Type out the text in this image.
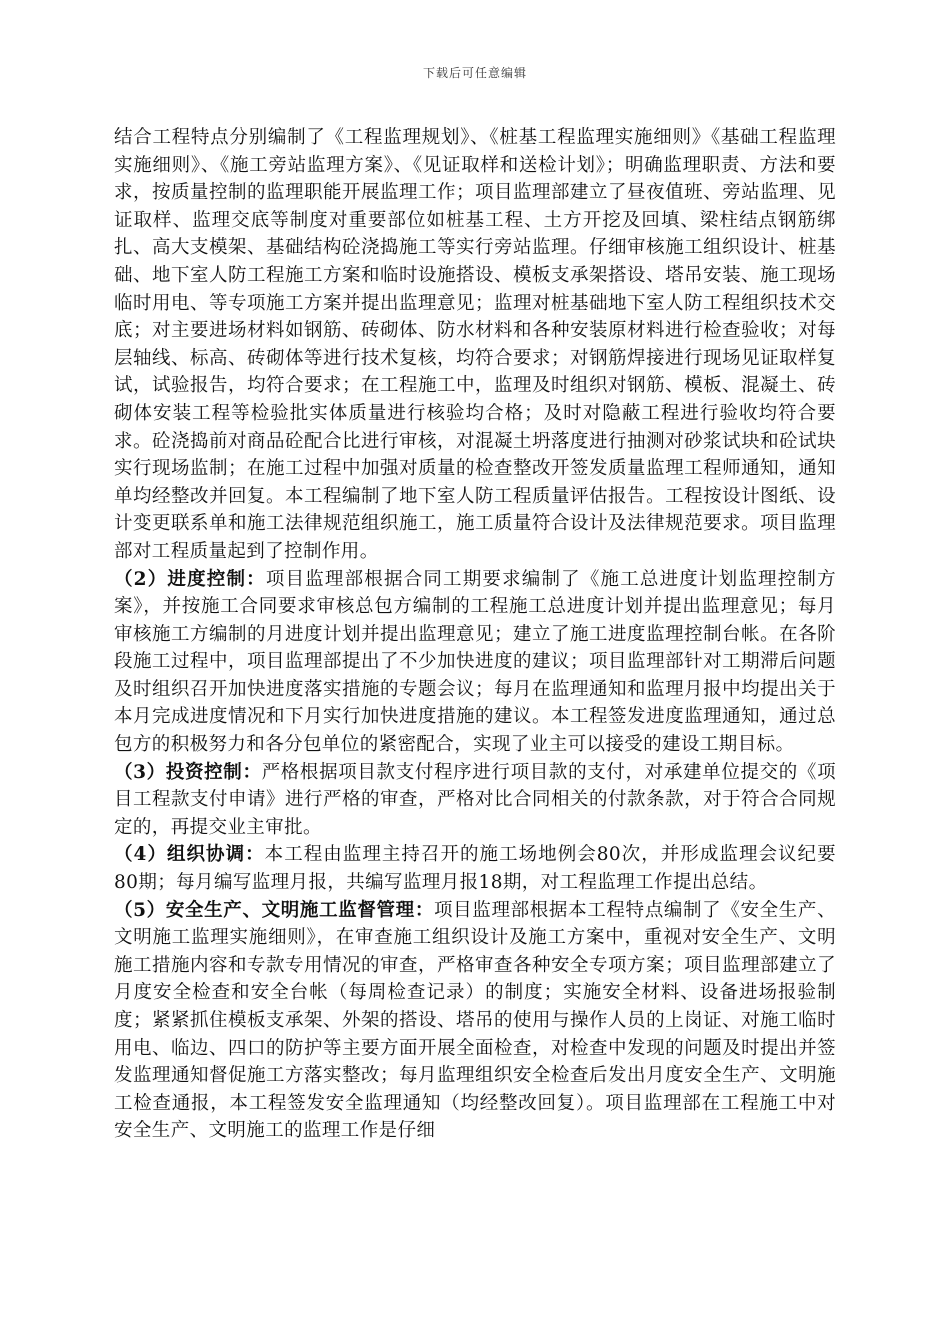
下载后可任意编辑

结合工程特点分别编制了《工程监理规划》、《桩基工程监理实施细则》《基础工程监理实施细则》、《施工旁站监理方案》、《见证取样和送检计划》；明确监理职责、方法和要求，按质量控制的监理职能开展监理工作；项目监理部建立了昼夜值班、旁站监理、见证取样、监理交底等制度对重要部位如桩基工程、土方开挖及回填、梁柱结点钢筋绑扎、高大支模架、基础结构砼浇捣施工等实行旁站监理。仔细审核施工组织设计、桩基础、地下室人防工程施工方案和临时设施搭设、模板支承架搭设、塔吊安装、施工现场临时用电、等专项施工方案并提出监理意见；监理对桩基础地下室人防工程组织技术交底；对主要进场材料如钢筋、砖砌体、防水材料和各种安装原材料进行检查验收；对每层轴线、标高、砖砌体等进行技术复核，均符合要求；对钢筋焊接进行现场见证取样复试，试验报告，均符合要求；在工程施工中，监理及时组织对钢筋、模板、混凝土、砖砌体安装工程等检验批实体质量进行核验均合格；及时对隐蔽工程进行验收均符合要求。砼浇捣前对商品砼配合比进行审核，对混凝土坍落度进行抽测对砂浆试块和砼试块实行现场监制；在施工过程中加强对质量的检查整改开签发质量监理工程师通知，通知单均经整改并回复。本工程编制了地下室人防工程质量评估报告。工程按设计图纸、设计变更联系单和施工法律规范组织施工，施工质量符合设计及法律规范要求。项目监理部对工程质量起到了控制作用。

（2）进度控制：项目监理部根据合同工期要求编制了《施工总进度计划监理控制方案》，并按施工合同要求审核总包方编制的工程施工总进度计划并提出监理意见；每月审核施工方编制的月进度计划并提出监理意见；建立了施工进度监理控制台帐。在各阶段施工过程中，项目监理部提出了不少加快进度的建议；项目监理部针对工期滞后问题及时组织召开加快进度落实措施的专题会议；每月在监理通知和监理月报中均提出关于本月完成进度情况和下月实行加快进度措施的建议。本工程签发进度监理通知，通过总包方的积极努力和各分包单位的紧密配合，实现了业主可以接受的建设工期目标。

（3）投资控制：严格根据项目款支付程序进行项目款的支付，对承建单位提交的《项目工程款支付申请》进行严格的审查，严格对比合同相关的付款条款，对于符合合同规定的，再提交业主审批。

（4）组织协调：本工程由监理主持召开的施工场地例会80次，并形成监理会议纪要80期；每月编写监理月报，共编写监理月报18期，对工程监理工作提出总结。

（5）安全生产、文明施工监督管理：项目监理部根据本工程特点编制了《安全生产、文明施工监理实施细则》，在审查施工组织设计及施工方案中，重视对安全生产、文明施工措施内容和专款专用情况的审查，严格审查各种安全专项方案；项目监理部建立了月度安全检查和安全台帐（每周检查记录）的制度；实施安全材料、设备进场报验制度；紧紧抓住模板支承架、外架的搭设、塔吊的使用与操作人员的上岗证、对施工临时用电、临边、四口的防护等主要方面开展全面检查，对检查中发现的问题及时提出并签发监理通知督促施工方落实整改；每月监理组织安全检查后发出月度安全生产、文明施工检查通报，本工程签发安全监理通知（均经整改回复）。项目监理部在工程施工中对安全生产、文明施工的监理工作是仔细
